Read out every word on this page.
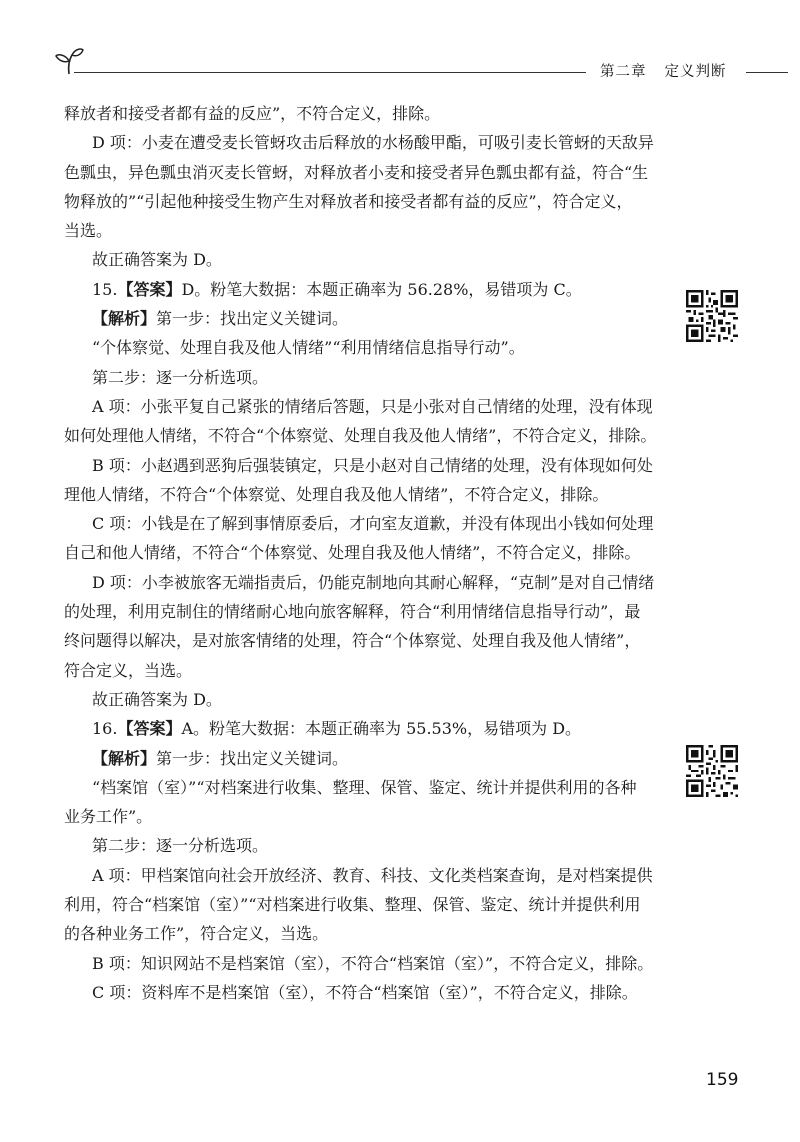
第二章 定义判断
释放者和接受者都有益的反应”，不符合定义，排除。
D 项：小麦在遭受麦长管蚜攻击后释放的水杨酸甲酯，可吸引麦长管蚜的天敌异
色瓢虫，异色瓢虫消灭麦长管蚜，对释放者小麦和接受者异色瓢虫都有益，符合“生
物释放的”“引起他种接受生物产生对释放者和接受者都有益的反应”，符合定义，
当选。
故正确答案为 D。
15.【答案】D。粉笔大数据：本题正确率为 56.28%，易错项为 C。
【解析】第一步：找出定义关键词。
“个体察觉、处理自我及他人情绪”“利用情绪信息指导行动”。
第二步：逐一分析选项。
A 项：小张平复自己紧张的情绪后答题，只是小张对自己情绪的处理，没有体现
如何处理他人情绪，不符合“个体察觉、处理自我及他人情绪”，不符合定义，排除。
B 项：小赵遇到恶狗后强装镇定，只是小赵对自己情绪的处理，没有体现如何处
理他人情绪，不符合“个体察觉、处理自我及他人情绪”，不符合定义，排除。
C 项：小钱是在了解到事情原委后，才向室友道歉，并没有体现出小钱如何处理
自己和他人情绪，不符合“个体察觉、处理自我及他人情绪”，不符合定义，排除。
D 项：小李被旅客无端指责后，仍能克制地向其耐心解释，“克制”是对自己情绪
的处理，利用克制住的情绪耐心地向旅客解释，符合“利用情绪信息指导行动”，最
终问题得以解决，是对旅客情绪的处理，符合“个体察觉、处理自我及他人情绪”，
符合定义，当选。
故正确答案为 D。
16.【答案】A。粉笔大数据：本题正确率为 55.53%，易错项为 D。
【解析】第一步：找出定义关键词。
“档案馆（室）”“对档案进行收集、整理、保管、鉴定、统计并提供利用的各种
业务工作”。
第二步：逐一分析选项。
A 项：甲档案馆向社会开放经济、教育、科技、文化类档案查询，是对档案提供
利用，符合“档案馆（室）”“对档案进行收集、整理、保管、鉴定、统计并提供利用
的各种业务工作”，符合定义，当选。
B 项：知识网站不是档案馆（室），不符合“档案馆（室）”，不符合定义，排除。
C 项：资料库不是档案馆（室），不符合“档案馆（室）”，不符合定义，排除。
159
